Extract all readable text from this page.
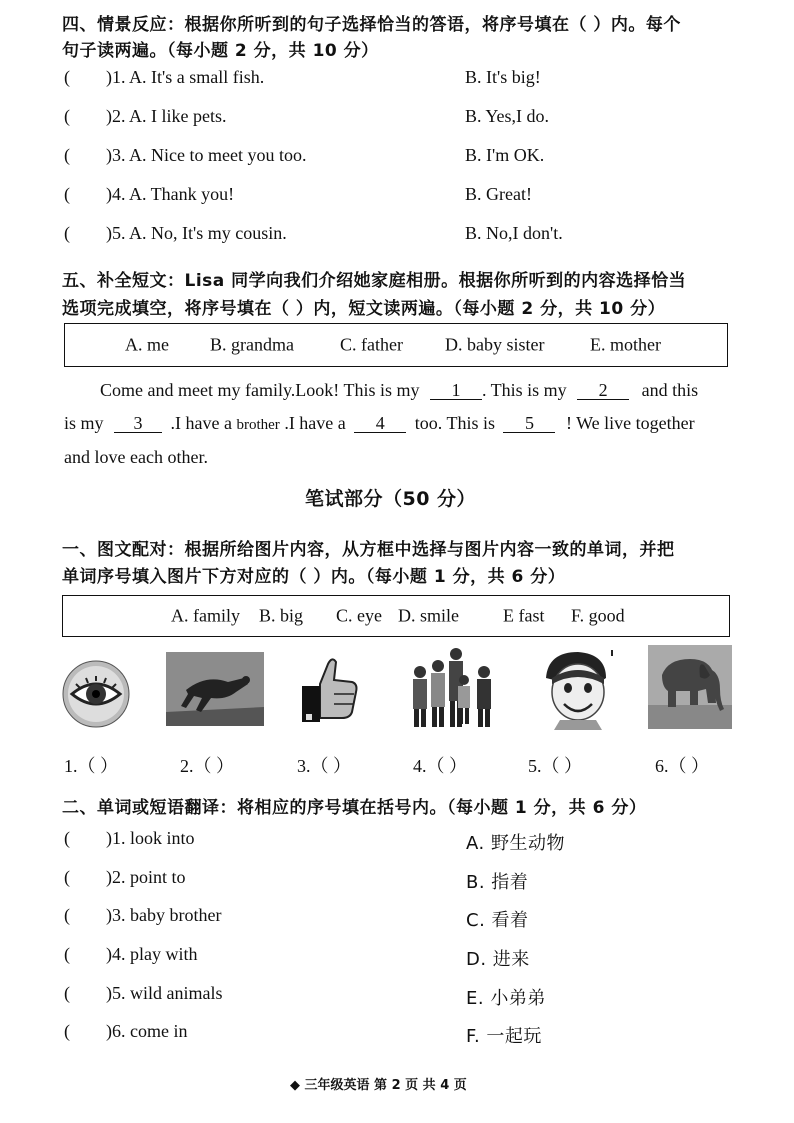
四、情景反应：根据你所听到的句子选择恰当的答语，将序号填在（ ）内。每个
句子读两遍。（每小题 2 分，共 10 分）
( )1. A. It's a small fish.	B. It's big!
( )2. A. I like pets.	B. Yes,I do.
( )3. A. Nice to meet you too.	B. I'm OK.
( )4. A. Thank you!	B. Great!
( )5. A. No, It's my cousin.	B. No,I don't.
五、补全短文：Lisa 同学向我们介绍她家庭相册。根据你所听到的内容选择恰当
选项完成填空，将序号填在（ ）内，短文读两遍。（每小题 2 分，共 10 分）
A. me B. grandma	C. father D. baby sister	E. mother
Come and meet my family.Look! This is my 1 . This is my 2 and this
is my 3 .I have a brother .I have a 4 too. This is 5 ! We live together
and love each other.
笔试部分（50 分）
一、图文配对：根据所给图片内容，从方框中选择与图片内容一致的单词，并把
单词序号填入图片下方对应的（ ）内。（每小题 1 分，共 6 分）
A. family B. big C. eye D. smile E fast F. good
1.（ ）	2.（ ）	3.（ ）	4.（ ）	5.（ ）	6.（ ）
二、单词或短语翻译：将相应的序号填在括号内。（每小题 1 分，共 6 分）
( )1. look into	A. 野生动物
( )2. point to	B. 指着
( )3. baby brother	C. 看着
( )4. play with	D. 进来
( )5. wild animals	E. 小弟弟
( )6. come in	F. 一起玩
◆ 三年级英语 第 2 页 共 4 页
